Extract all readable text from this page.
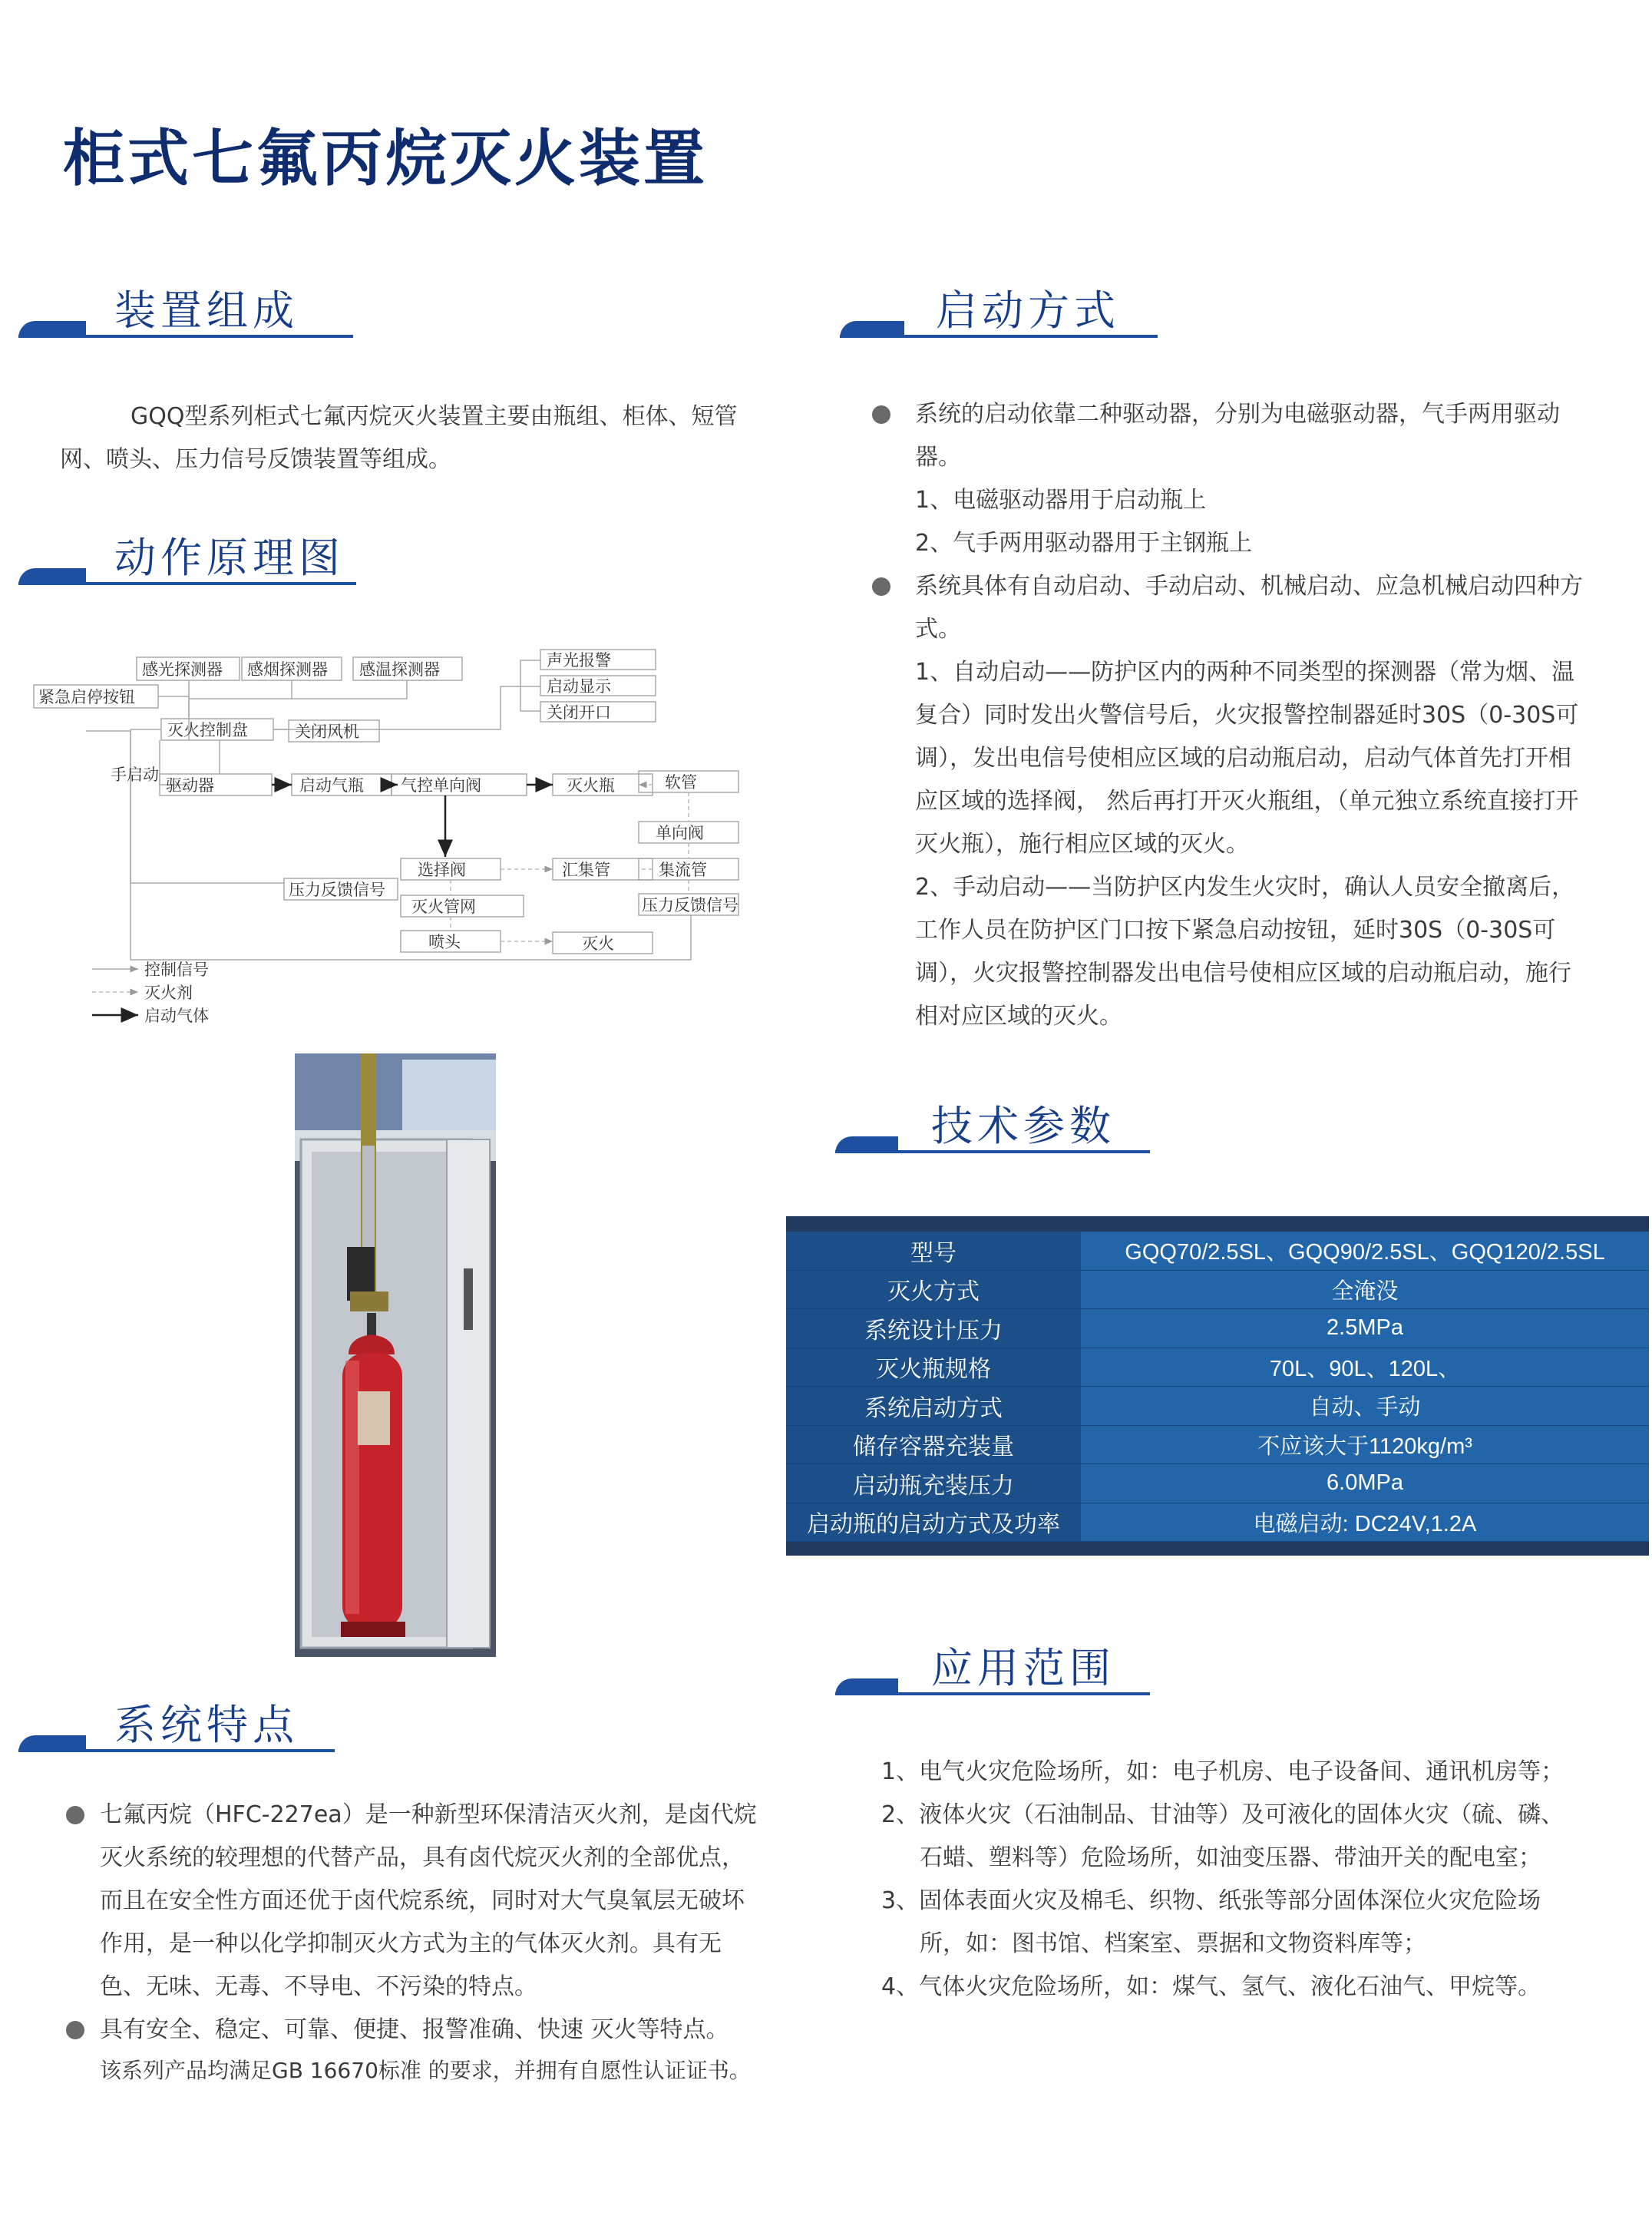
柜式七氟丙烷灭火装置
装置组成
GQQ型系列柜式七氟丙烷灭火装置主要由瓶组、柜体、短管网、喷头、压力信号反馈装置等组成。
动作原理图
感光探测器 感烟探测器 感温探测器
紧急启停按钮
灭火控制盘	关闭风机
声光报警
启动显示
关闭开口
手启动
驱动器	启动气瓶 气控单向阀	灭火瓶	软管
单向阀
选择阀	汇集管	集流管
压力反馈信号
灭火管网	压力反馈信号
喷头	灭火
控制信号
灭火剂
启动气体
系统特点
七氟丙烷（HFC-227ea）是一种新型环保清洁灭火剂，是卤代烷灭火系统的较理想的代替产品，具有卤代烷灭火剂的全部优点，而且在安全性方面还优于卤代烷系统，同时对大气臭氧层无破坏作用，是一种以化学抑制灭火方式为主的气体灭火剂。具有无色、无味、无毒、不导电、不污染的特点。
具有安全、稳定、可靠、便捷、报警准确、快速 灭火等特点。
该系列产品均满足GB 16670标准 的要求，并拥有自愿性认证证书。
启动方式
系统的启动依靠二种驱动器，分别为电磁驱动器，气手两用驱动器。
1、电磁驱动器用于启动瓶上
2、气手两用驱动器用于主钢瓶上
系统具体有自动启动、手动启动、机械启动、应急机械启动四种方式。
1、自动启动——防护区内的两种不同类型的探测器（常为烟、温复合）同时发出火警信号后，火灾报警控制器延时30S（0-30S可调），发出电信号使相应区域的启动瓶启动，启动气体首先打开相应区域的选择阀， 然后再打开灭火瓶组，（单元独立系统直接打开灭火瓶），施行相应区域的灭火。
2、手动启动——当防护区内发生火灾时，确认人员安全撤离后，工作人员在防护区门口按下紧急启动按钮，延时30S（0-30S可调），火灾报警控制器发出电信号使相应区域的启动瓶启动，施行相对应区域的灭火。
技术参数
型号	GQQ70/2.5SL、GQQ90/2.5SL、GQQ120/2.5SL
灭火方式	全淹没
系统设计压力	2.5MPa
灭火瓶规格	70L、90L、120L、
系统启动方式	自动、手动
储存容器充装量	不应该大于1120kg/m³
启动瓶充装压力	6.0MPa
启动瓶的启动方式及功率	电磁启动: DC24V,1.2A
应用范围
1、电气火灾危险场所，如：电子机房、电子设备间、通讯机房等；
2、液体火灾（石油制品、甘油等）及可液化的固体火灾（硫、磷、
石蜡、塑料等）危险场所，如油变压器、带油开关的配电室；
3、固体表面火灾及棉毛、织物、纸张等部分固体深位火灾危险场
所，如：图书馆、档案室、票据和文物资料库等；
4、气体火灾危险场所，如：煤气、氢气、液化石油气、甲烷等。
